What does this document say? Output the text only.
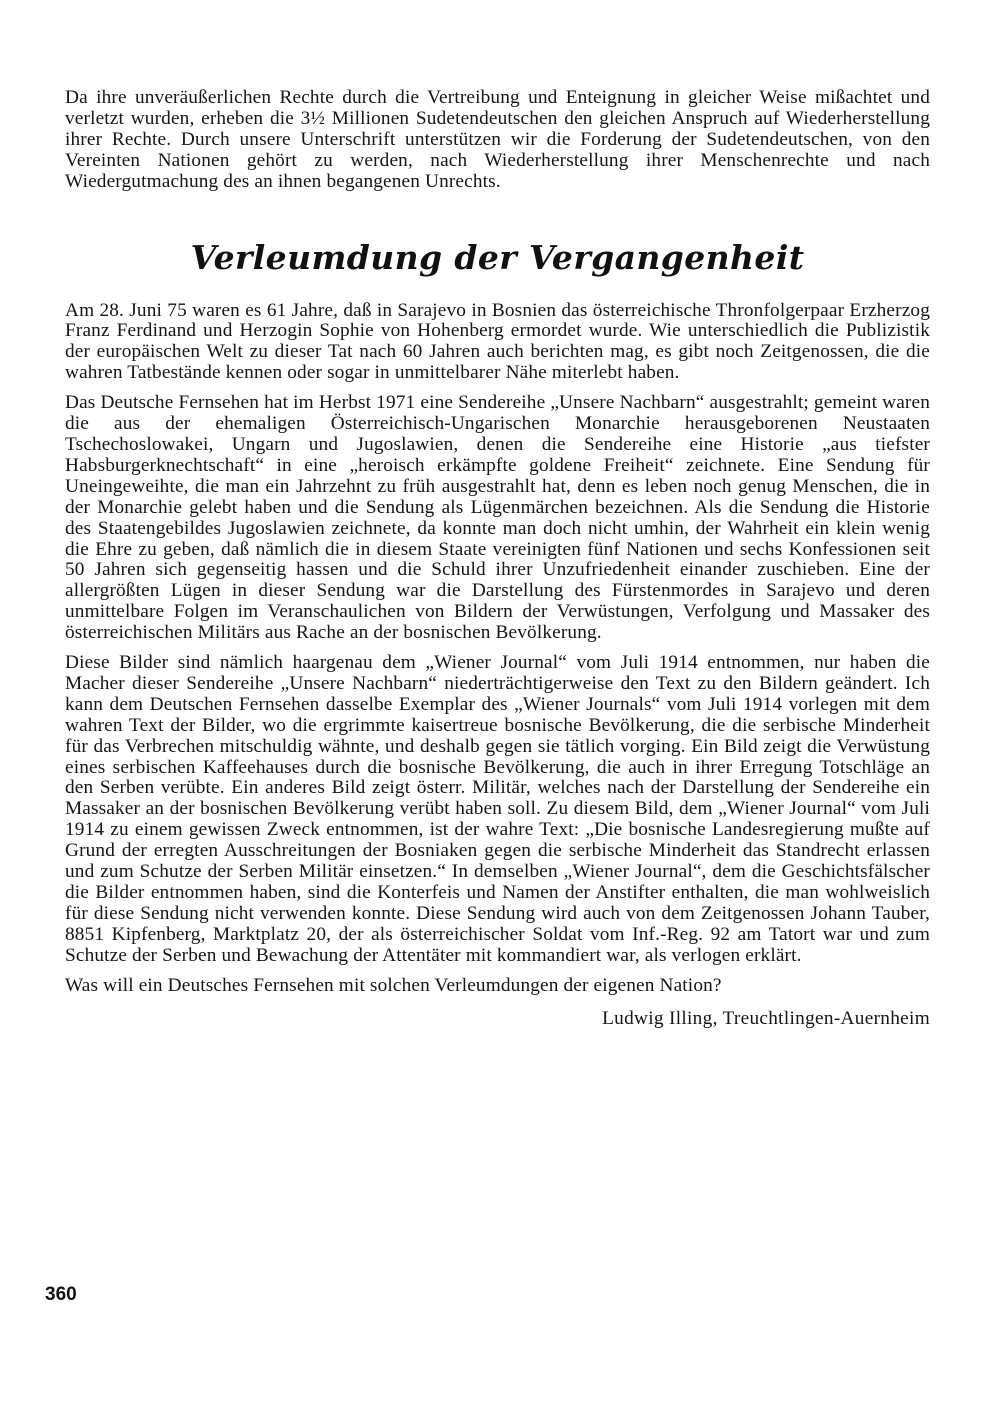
Da ihre unveräußerlichen Rechte durch die Vertreibung und Enteignung in gleicher Weise mißachtet und verletzt wurden, erheben die 3½ Millionen Sudetendeutschen den gleichen Anspruch auf Wiederherstellung ihrer Rechte. Durch unsere Unterschrift unterstützen wir die Forderung der Sudetendeutschen, von den Vereinten Nationen gehört zu werden, nach Wiederherstellung ihrer Menschenrechte und nach Wiedergutmachung des an ihnen begangenen Unrechts.

Verleumdung der Vergangenheit

Am 28. Juni 75 waren es 61 Jahre, daß in Sarajevo in Bosnien das österreichische Thronfolgerpaar Erzherzog Franz Ferdinand und Herzogin Sophie von Hohenberg ermordet wurde. Wie unterschiedlich die Publizistik der europäischen Welt zu dieser Tat nach 60 Jahren auch berichten mag, es gibt noch Zeitgenossen, die die wahren Tatbestände kennen oder sogar in unmittelbarer Nähe miterlebt haben.

Das Deutsche Fernsehen hat im Herbst 1971 eine Sendereihe „Unsere Nachbarn“ ausgestrahlt; gemeint waren die aus der ehemaligen Österreichisch-Ungarischen Monarchie herausgeborenen Neustaaten Tschechoslowakei, Ungarn und Jugoslawien, denen die Sendereihe eine Historie „aus tiefster Habsburgerknechtschaft“ in eine „heroisch erkämpfte goldene Freiheit“ zeichnete. Eine Sendung für Uneingeweihte, die man ein Jahrzehnt zu früh ausgestrahlt hat, denn es leben noch genug Menschen, die in der Monarchie gelebt haben und die Sendung als Lügenmärchen bezeichnen. Als die Sendung die Historie des Staatengebildes Jugoslawien zeichnete, da konnte man doch nicht umhin, der Wahrheit ein klein wenig die Ehre zu geben, daß nämlich die in diesem Staate vereinigten fünf Nationen und sechs Konfessionen seit 50 Jahren sich gegenseitig hassen und die Schuld ihrer Unzufriedenheit einander zuschieben. Eine der allergrößten Lügen in dieser Sendung war die Darstellung des Fürstenmordes in Sarajevo und deren unmittelbare Folgen im Veranschaulichen von Bildern der Verwüstungen, Verfolgung und Massaker des österreichischen Militärs aus Rache an der bosnischen Bevölkerung.

Diese Bilder sind nämlich haargenau dem „Wiener Journal“ vom Juli 1914 entnommen, nur haben die Macher dieser Sendereihe „Unsere Nachbarn“ niederträchtigerweise den Text zu den Bildern geändert. Ich kann dem Deutschen Fernsehen dasselbe Exemplar des „Wiener Journals“ vom Juli 1914 vorlegen mit dem wahren Text der Bilder, wo die ergrimmte kaisertreue bosnische Bevölkerung, die die serbische Minderheit für das Verbrechen mitschuldig wähnte, und deshalb gegen sie tätlich vorging. Ein Bild zeigt die Verwüstung eines serbischen Kaffeehauses durch die bosnische Bevölkerung, die auch in ihrer Erregung Totschläge an den Serben verübte. Ein anderes Bild zeigt österr. Militär, welches nach der Darstellung der Sendereihe ein Massaker an der bosnischen Bevölkerung verübt haben soll. Zu diesem Bild, dem „Wiener Journal“ vom Juli 1914 zu einem gewissen Zweck entnommen, ist der wahre Text: „Die bosnische Landesregierung mußte auf Grund der erregten Ausschreitungen der Bosniaken gegen die serbische Minderheit das Standrecht erlassen und zum Schutze der Serben Militär einsetzen.“ In demselben „Wiener Journal“, dem die Geschichtsfälscher die Bilder entnommen haben, sind die Konterfeis und Namen der Anstifter enthalten, die man wohlweislich für diese Sendung nicht verwenden konnte. Diese Sendung wird auch von dem Zeitgenossen Johann Tauber, 8851 Kipfenberg, Marktplatz 20, der als österreichischer Soldat vom Inf.-Reg. 92 am Tatort war und zum Schutze der Serben und Bewachung der Attentäter mit kommandiert war, als verlogen erklärt.

Was will ein Deutsches Fernsehen mit solchen Verleumdungen der eigenen Nation?

Ludwig Illing, Treuchtlingen-Auernheim
360
